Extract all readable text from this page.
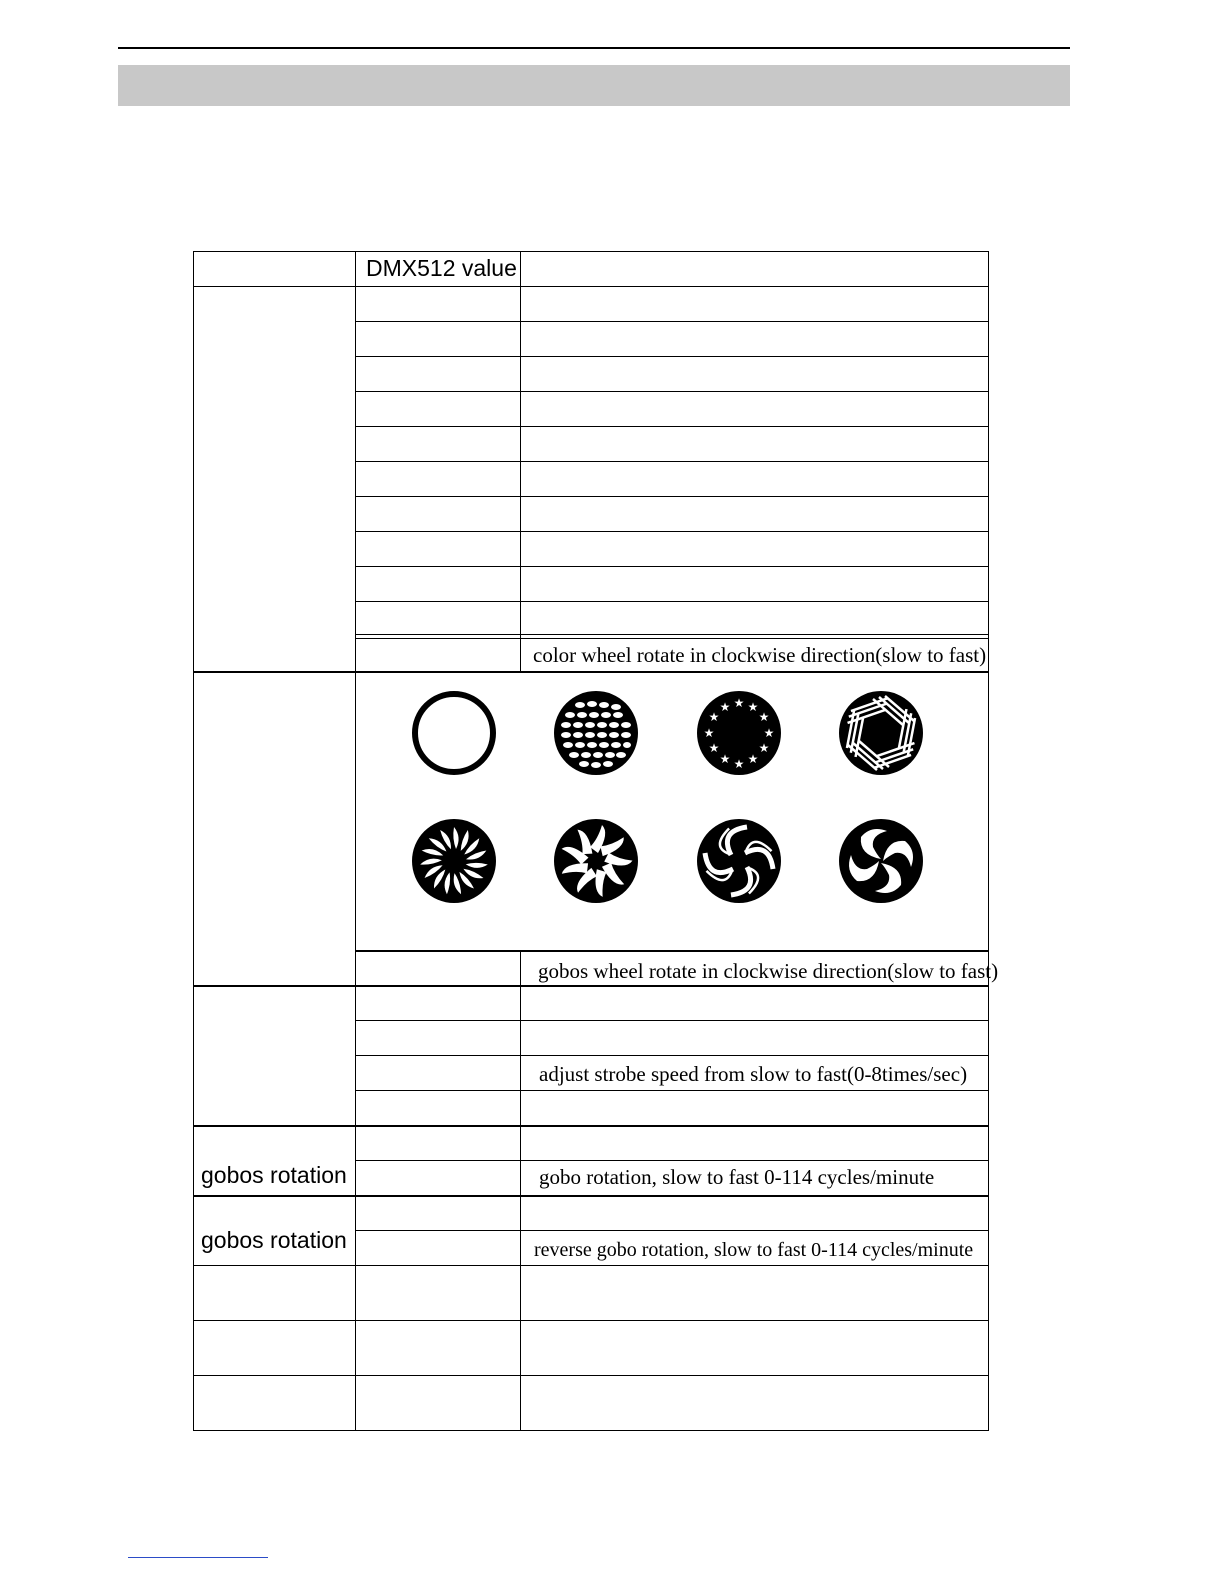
DMX512 value
color wheel rotate in clockwise direction(slow to fast)
gobos wheel rotate in clockwise direction(slow to fast)
adjust strobe speed from slow to fast(0-8times/sec)
gobos rotation	gobo rotation, slow to fast 0-114 cycles/minute
gobos rotation	reverse gobo rotation, slow to fast 0-114 cycles/minute
★ ★
★
★
★
★
★
★
★
★
★
★
